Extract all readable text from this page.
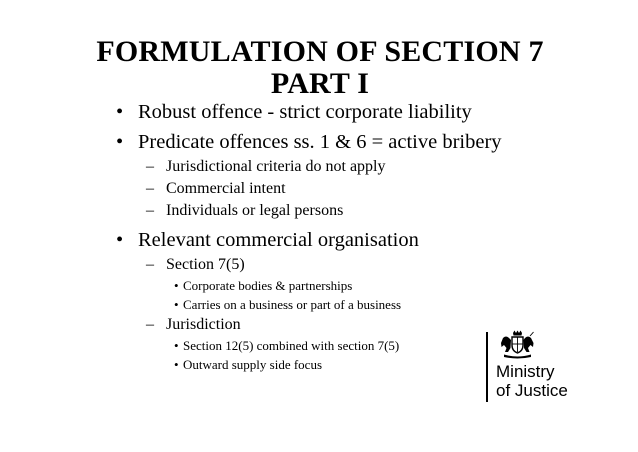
FORMULATION OF SECTION 7
PART I
• Robust offence - strict corporate liability
• Predicate offences ss. 1 & 6 = active bribery
– Jurisdictional criteria do not apply
– Commercial intent
– Individuals or legal persons
• Relevant commercial organisation
– Section 7(5)
• Corporate bodies & partnerships
• Carries on a business or part of a business
– Jurisdiction
• Section 12(5) combined with section 7(5)
• Outward supply side focus	Ministry
of Justice
